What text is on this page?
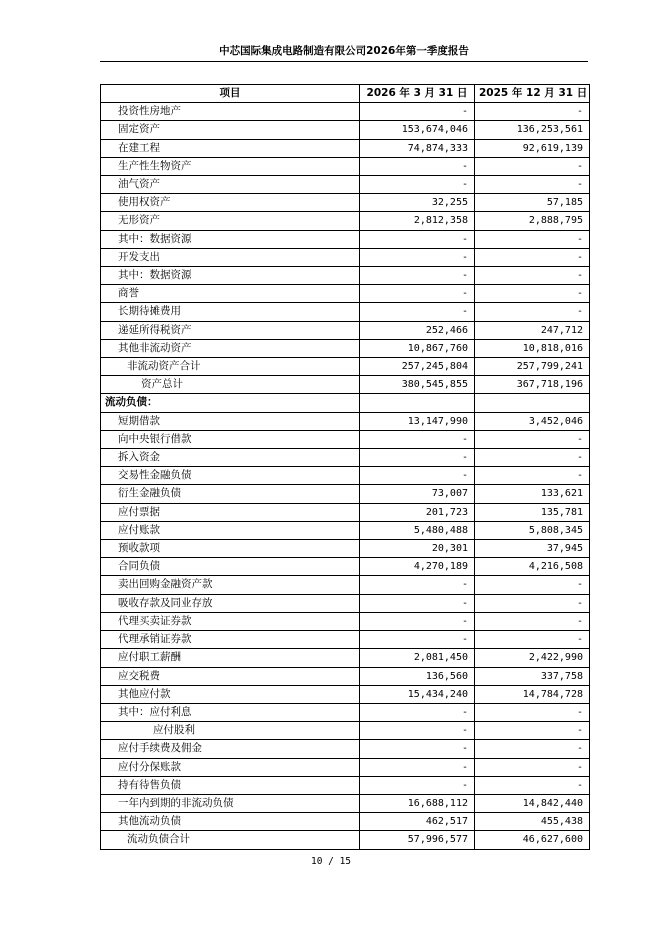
中芯国际集成电路制造有限公司2026年第一季度报告
项目	2026 年 3 月 31 日	2025 年 12 月 31 日
投资性房地产	-	-
固定资产	153,674,046	136,253,561
在建工程	74,874,333	92,619,139
生产性生物资产	-	-
油气资产	-	-
使用权资产	32,255	57,185
无形资产	2,812,358	2,888,795
其中：数据资源	-	-
开发支出	-	-
其中：数据资源	-	-
商誉	-	-
长期待摊费用	-	-
递延所得税资产	252,466	247,712
其他非流动资产	10,867,760	10,818,016
非流动资产合计	257,245,804	257,799,241
资产总计	380,545,855	367,718,196
流动负债：		
短期借款	13,147,990	3,452,046
向中央银行借款	-	-
拆入资金	-	-
交易性金融负债	-	-
衍生金融负债	73,007	133,621
应付票据	201,723	135,781
应付账款	5,480,488	5,808,345
预收款项	20,301	37,945
合同负债	4,270,189	4,216,508
卖出回购金融资产款	-	-
吸收存款及同业存放	-	-
代理买卖证券款	-	-
代理承销证券款	-	-
应付职工薪酬	2,081,450	2,422,990
应交税费	136,560	337,758
其他应付款	15,434,240	14,784,728
其中：应付利息	-	-
应付股利	-	-
应付手续费及佣金	-	-
应付分保账款	-	-
持有待售负债	-	-
一年内到期的非流动负债	16,688,112	14,842,440
其他流动负债	462,517	455,438
流动负债合计	57,996,577	46,627,600
10 / 15
